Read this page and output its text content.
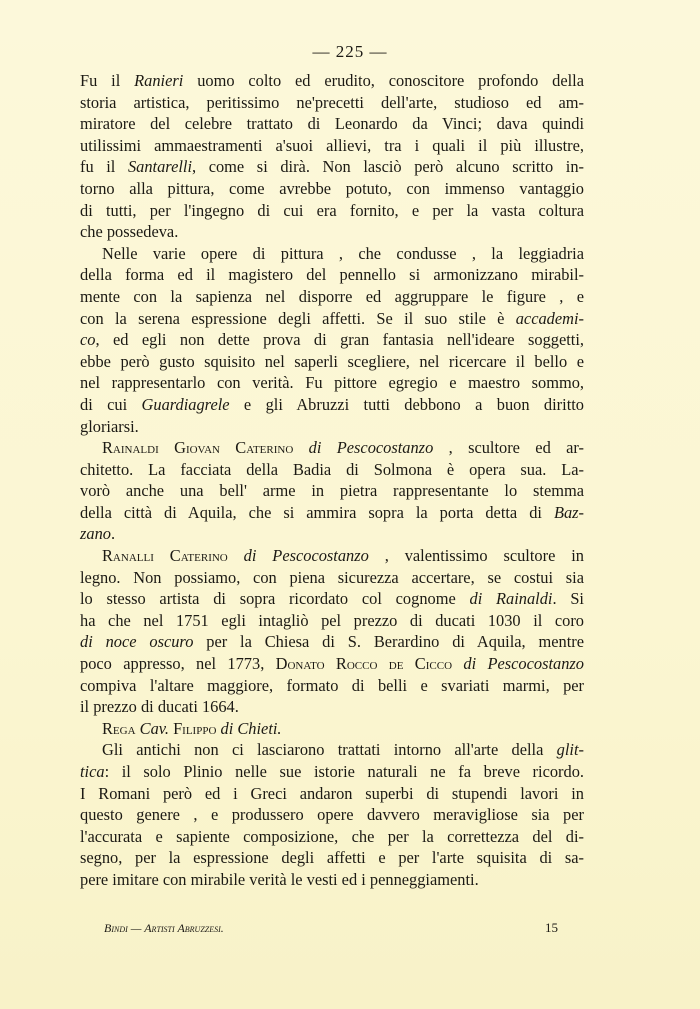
— 225 —
Fu il Ranieri uomo colto ed erudito, conoscitore profondo della
storia artistica, peritissimo ne'precetti dell'arte, studioso ed am-
miratore del celebre trattato di Leonardo da Vinci; dava quindi
utilissimi ammaestramenti a'suoi allievi, tra i quali il più illustre,
fu il Santarelli, come si dirà. Non lasciò però alcuno scritto in-
torno alla pittura, come avrebbe potuto, con immenso vantaggio
di tutti, per l'ingegno di cui era fornito, e per la vasta coltura
che possedeva.
Nelle varie opere di pittura , che condusse , la leggiadria
della forma ed il magistero del pennello si armonizzano mirabil-
mente con la sapienza nel disporre ed aggruppare le figure , e
con la serena espressione degli affetti. Se il suo stile è accademi-
co, ed egli non dette prova di gran fantasia nell'ideare soggetti,
ebbe però gusto squisito nel saperli scegliere, nel ricercare il bello e
nel rappresentarlo con verità. Fu pittore egregio e maestro sommo,
di cui Guardiagrele e gli Abruzzi tutti debbono a buon diritto
gloriarsi.
Rainaldi Giovan Caterino di Pescocostanzo , scultore ed ar-
chitetto. La facciata della Badia di Solmona è opera sua. La-
vorò anche una bell' arme in pietra rappresentante lo stemma
della città di Aquila, che si ammira sopra la porta detta di Baz-
zano.
Ranalli Caterino di Pescocostanzo , valentissimo scultore in
legno. Non possiamo, con piena sicurezza accertare, se costui sia
lo stesso artista di sopra ricordato col cognome di Rainaldi. Si
ha che nel 1751 egli intagliò pel prezzo di ducati 1030 il coro
di noce oscuro per la Chiesa di S. Berardino di Aquila, mentre
poco appresso, nel 1773, Donato Rocco de Cicco di Pescocostanzo
compiva l'altare maggiore, formato di belli e svariati marmi, per
il prezzo di ducati 1664.
Rega Cav. Filippo di Chieti.
Gli antichi non ci lasciarono trattati intorno all'arte della glit-
tica: il solo Plinio nelle sue istorie naturali ne fa breve ricordo.
I Romani però ed i Greci andaron superbi di stupendi lavori in
questo genere , e produssero opere davvero meravigliose sia per
l'accurata e sapiente composizione, che per la correttezza del di-
segno, per la espressione degli affetti e per l'arte squisita di sa-
pere imitare con mirabile verità le vesti ed i penneggiamenti.
Bindi — Artisti Abruzzesi.	15
